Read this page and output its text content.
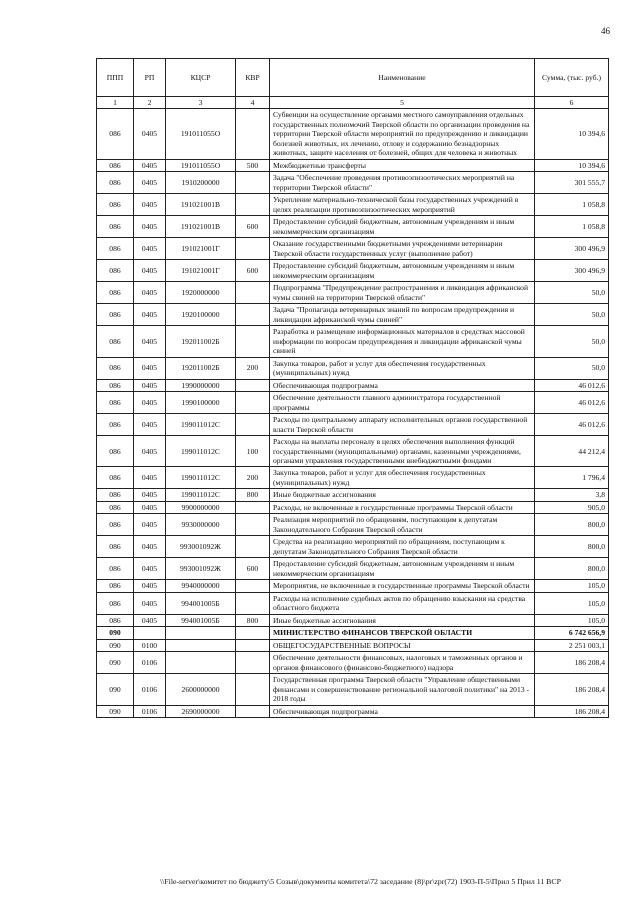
46
ППП	РП	КЦСР	КВР	Наименование	Сумма, (тыс. руб.)
1	2	3	4	5	6
086	0405	191011055О		Субвенции на осуществление органами местного самоуправления отдельных государственных полномочий Тверской области по организации проведения на территории Тверской области мероприятий по предупреждению и ликвидации болезней животных, их лечению, отлову и содержанию безнадзорных животных, защите населения от болезней, общих для человека и животных	10 394,6
086	0405	191011055О	500	Межбюджетные трансферты	10 394,6
086	0405	1910200000		Задача "Обеспечение проведения противоэпизоотических мероприятий на территории Тверской области"	301 555,7
086	0405	191021001В		Укрепление материально-технической базы государственных учреждений в целях реализации противоэпизоотических мероприятий	1 058,8
086	0405	191021001В	600	Предоставление субсидий бюджетным, автономным учреждениям и иным некоммерческим организациям	1 058,8
086	0405	191021001Г		Оказание государственными бюджетными учреждениями ветеринарии Тверской области государственных услуг (выполнение работ)	300 496,9
086	0405	191021001Г	600	Предоставление субсидий бюджетным, автономным учреждениям и иным некоммерческим организациям	300 496,9
086	0405	1920000000		Подпрограмма "Предупреждение распространения и ликвидация африканской чумы свиней на территории Тверской области"	50,0
086	0405	1920100000		Задача "Пропаганда ветеринарных знаний по вопросам предупреждения и ликвидации африканской чумы свиней"	50,0
086	0405	192011002Б		Разработка и размещение информационных материалов в средствах массовой информации по вопросам предупреждения и ликвидации африканской чумы свиней	50,0
086	0405	192011002Б	200	Закупка товаров, работ и услуг для обеспечения государственных (муниципальных) нужд	50,0
086	0405	1990000000		Обеспечивающая подпрограмма	46 012,6
086	0405	1990100000		Обеспечение деятельности главного администратора государственной программы	46 012,6
086	0405	199011012С		Расходы по центральному аппарату исполнительных органов государственной власти Тверской области	46 012,6
086	0405	199011012С	100	Расходы на выплаты персоналу в целях обеспечения выполнения функций государственными (муниципальными) органами, казенными учреждениями, органами управления государственными внебюджетными фондами	44 212,4
086	0405	199011012С	200	Закупка товаров, работ и услуг для обеспечения государственных (муниципальных) нужд	1 796,4
086	0405	199011012С	800	Иные бюджетные ассигнования	3,8
086	0405	9900000000		Расходы, не включенные в государственные программы Тверской области	905,0
086	0405	9930000000		Реализация мероприятий по обращениям, поступающим к депутатам Законодательного Собрания Тверской области	800,0
086	0405	993001092Ж		Средства на реализацию мероприятий по обращениям, поступающим к депутатам Законодательного Собрания Тверской области	800,0
086	0405	993001092Ж	600	Предоставление субсидий бюджетным, автономным учреждениям и иным некоммерческим организациям	800,0
086	0405	9940000000		Мероприятия, не включенные в государственные программы Тверской области	105,0
086	0405	994001005Б		Расходы на исполнение судебных актов по обращению взыскания на средства областного бюджета	105,0
086	0405	994001005Б	800	Иные бюджетные ассигнования	105,0
090				МИНИСТЕРСТВО ФИНАНСОВ ТВЕРСКОЙ ОБЛАСТИ	6 742 656,9
090	0100			ОБЩЕГОСУДАРСТВЕННЫЕ ВОПРОСЫ	2 251 003,1
090	0106			Обеспечение деятельности финансовых, налоговых и таможенных органов и органов финансового (финансово-бюджетного) надзора	186 208,4
090	0106	2600000000		Государственная программа Тверской области "Управление общественными финансами и совершенствование региональной налоговой политики" на 2013 - 2018 годы	186 208,4
090	0106	2690000000		Обеспечивающая подпрограмма	186 208,4
\\File-server\комитет по бюджету\5 Созыв\документы комитета\72 заседание (8)\pr\zpr(72) 1903-П-5\Прил 5 Прил 11 ВСР
